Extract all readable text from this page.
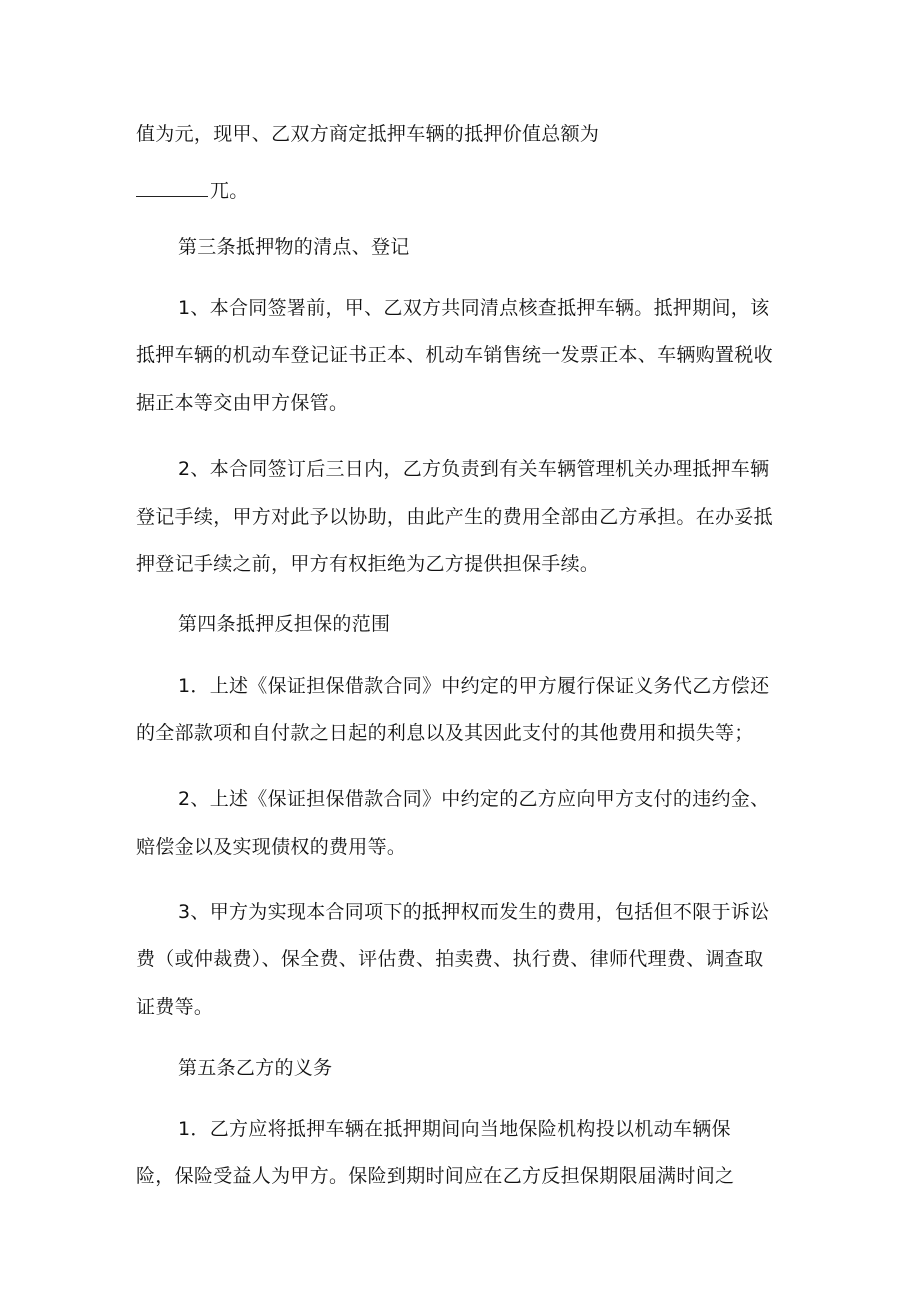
值为元，现甲、乙双方商定抵押车辆的抵押价值总额为
兀。
第三条抵押物的清点、登记
1、本合同签署前，甲、乙双方共同清点核查抵押车辆。抵押期间，该
抵押车辆的机动车登记证书正本、机动车销售统一发票正本、车辆购置税收
据正本等交由甲方保管。
2、本合同签订后三日内，乙方负责到有关车辆管理机关办理抵押车辆
登记手续，甲方对此予以协助，由此产生的费用全部由乙方承担。在办妥抵
押登记手续之前，甲方有权拒绝为乙方提供担保手续。
第四条抵押反担保的范围
1．上述《保证担保借款合同》中约定的甲方履行保证义务代乙方偿还
的全部款项和自付款之日起的利息以及其因此支付的其他费用和损失等；
2、上述《保证担保借款合同》中约定的乙方应向甲方支付的违约金、
赔偿金以及实现债权的费用等。
3、甲方为实现本合同项下的抵押权而发生的费用，包括但不限于诉讼
费（或仲裁费）、保全费、评估费、拍卖费、执行费、律师代理费、调查取
证费等。
第五条乙方的义务
1．乙方应将抵押车辆在抵押期间向当地保险机构投以机动车辆保
险，保险受益人为甲方。保险到期时间应在乙方反担保期限届满时间之
